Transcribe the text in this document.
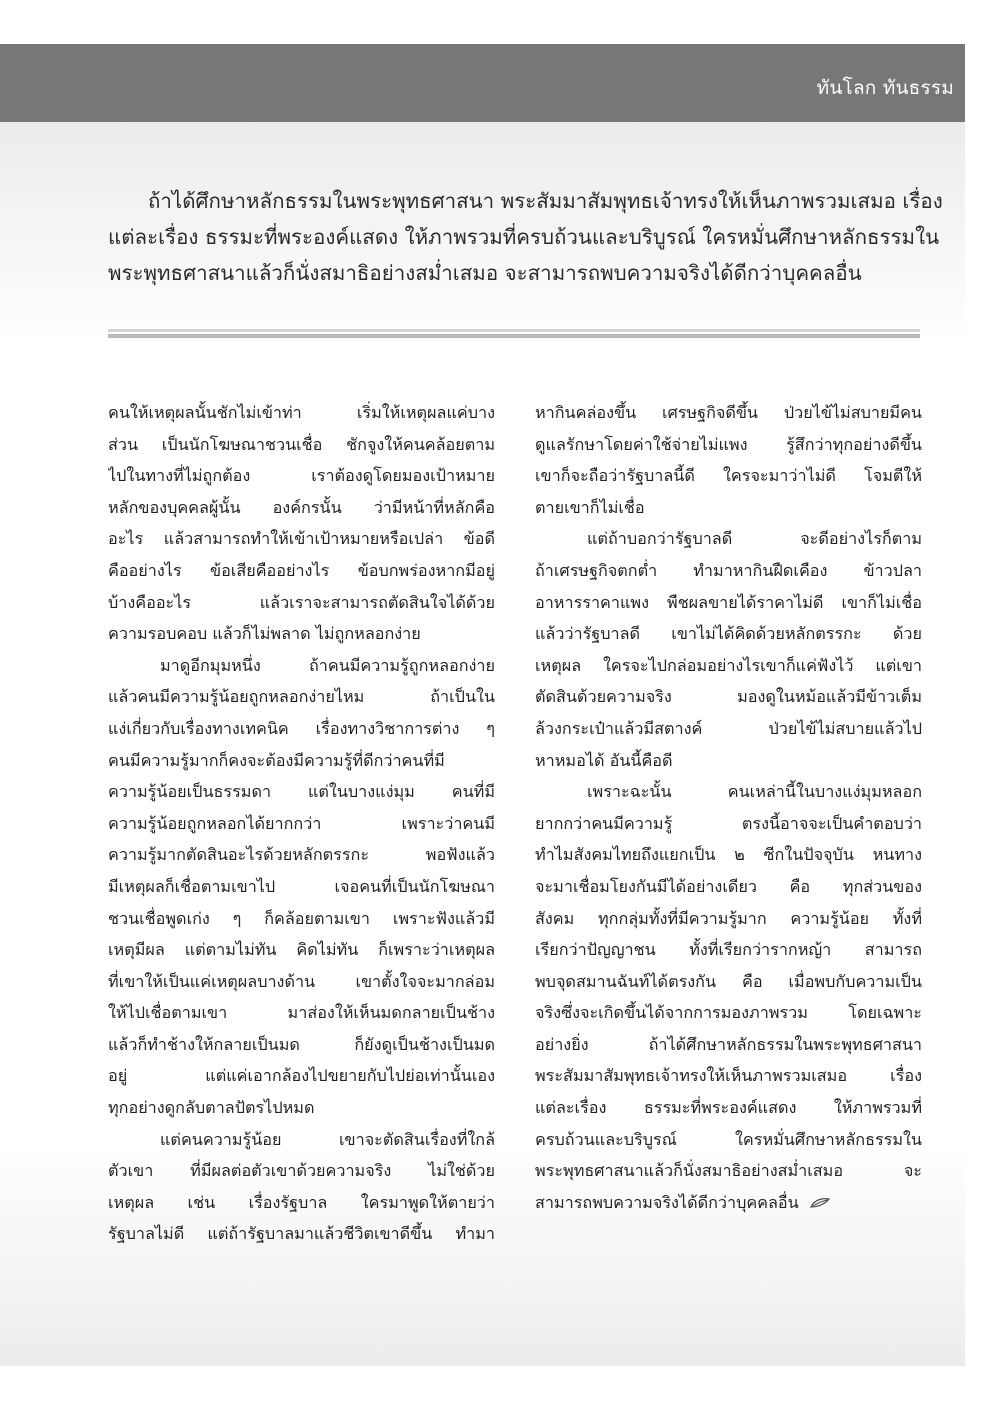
ทันโลก ทันธรรม
ถ้าได้ศึกษาหลักธรรมในพระพุทธศาสนา พระสัมมาสัมพุทธเจ้าทรงให้เห็นภาพรวมเสมอ เรื่อง
แต่ละเรื่อง ธรรมะที่พระองค์แสดง ให้ภาพรวมที่ครบถ้วนและบริบูรณ์ ใครหมั่นศึกษาหลักธรรมใน
พระพุทธศาสนาแล้วก็นั่งสมาธิอย่างสม่ำเสมอ จะสามารถพบความจริงได้ดีกว่าบุคคลอื่น
คนให้เหตุผลนั้นชักไม่เข้าท่า เริ่มให้เหตุผลแค่บาง
ส่วน เป็นนักโฆษณาชวนเชื่อ ชักจูงให้คนคล้อยตาม
ไปในทางที่ไม่ถูกต้อง เราต้องดูโดยมองเป้าหมาย
หลักของบุคคลผู้นั้น องค์กรนั้น ว่ามีหน้าที่หลักคือ
อะไร แล้วสามารถทำให้เข้าเป้าหมายหรือเปล่า ข้อดี
คืออย่างไร ข้อเสียคืออย่างไร ข้อบกพร่องหากมีอยู่
บ้างคืออะไร แล้วเราจะสามารถตัดสินใจได้ด้วย
ความรอบคอบ แล้วก็ไม่พลาด ไม่ถูกหลอกง่าย
มาดูอีกมุมหนึ่ง ถ้าคนมีความรู้ถูกหลอกง่าย
แล้วคนมีความรู้น้อยถูกหลอกง่ายไหม ถ้าเป็นใน
แง่เกี่ยวกับเรื่องทางเทคนิค เรื่องทางวิชาการต่าง ๆ
คนมีความรู้มากก็คงจะต้องมีความรู้ที่ดีกว่าคนที่มี
ความรู้น้อยเป็นธรรมดา แต่ในบางแง่มุม คนที่มี
ความรู้น้อยถูกหลอกได้ยากกว่า เพราะว่าคนมี
ความรู้มากตัดสินอะไรด้วยหลักตรรกะ พอฟังแล้ว
มีเหตุผลก็เชื่อตามเขาไป เจอคนที่เป็นนักโฆษณา
ชวนเชื่อพูดเก่ง ๆ ก็คล้อยตามเขา เพราะฟังแล้วมี
เหตุมีผล แต่ตามไม่ทัน คิดไม่ทัน ก็เพราะว่าเหตุผล
ที่เขาให้เป็นแค่เหตุผลบางด้าน เขาตั้งใจจะมากล่อม
ให้ไปเชื่อตามเขา มาส่องให้เห็นมดกลายเป็นช้าง
แล้วก็ทำช้างให้กลายเป็นมด ก็ยังดูเป็นช้างเป็นมด
อยู่ แต่แค่เอากล้องไปขยายกับไปย่อเท่านั้นเอง
ทุกอย่างดูกลับตาลปัตรไปหมด
แต่คนความรู้น้อย เขาจะตัดสินเรื่องที่ใกล้
ตัวเขา ที่มีผลต่อตัวเขาด้วยความจริง ไม่ใช่ด้วย
เหตุผล เช่น เรื่องรัฐบาล ใครมาพูดให้ตายว่า
รัฐบาลไม่ดี แต่ถ้ารัฐบาลมาแล้วชีวิตเขาดีขึ้น ทำมา
หากินคล่องขึ้น เศรษฐกิจดีขึ้น ป่วยไข้ไม่สบายมีคน
ดูแลรักษาโดยค่าใช้จ่ายไม่แพง รู้สึกว่าทุกอย่างดีขึ้น
เขาก็จะถือว่ารัฐบาลนี้ดี ใครจะมาว่าไม่ดี โจมตีให้
ตายเขาก็ไม่เชื่อ
แต่ถ้าบอกว่ารัฐบาลดี จะดีอย่างไรก็ตาม
ถ้าเศรษฐกิจตกต่ำ ทำมาหากินฝืดเคือง ข้าวปลา
อาหารราคาแพง พืชผลขายได้ราคาไม่ดี เขาก็ไม่เชื่อ
แล้วว่ารัฐบาลดี เขาไม่ได้คิดด้วยหลักตรรกะ ด้วย
เหตุผล ใครจะไปกล่อมอย่างไรเขาก็แค่ฟังไว้ แต่เขา
ตัดสินด้วยความจริง มองดูในหม้อแล้วมีข้าวเต็ม
ล้วงกระเป๋าแล้วมีสตางค์ ป่วยไข้ไม่สบายแล้วไป
หาหมอได้ อันนี้คือดี
เพราะฉะนั้น คนเหล่านี้ในบางแง่มุมหลอก
ยากกว่าคนมีความรู้ ตรงนี้อาจจะเป็นคำตอบว่า
ทำไมสังคมไทยถึงแยกเป็น ๒ ซีกในปัจจุบัน หนทาง
จะมาเชื่อมโยงกันมีได้อย่างเดียว คือ ทุกส่วนของ
สังคม ทุกกลุ่มทั้งที่มีความรู้มาก ความรู้น้อย ทั้งที่
เรียกว่าปัญญาชน ทั้งที่เรียกว่ารากหญ้า สามารถ
พบจุดสมานฉันท์ได้ตรงกัน คือ เมื่อพบกับความเป็น
จริงซึ่งจะเกิดขึ้นได้จากการมองภาพรวม โดยเฉพาะ
อย่างยิ่ง ถ้าได้ศึกษาหลักธรรมในพระพุทธศาสนา
พระสัมมาสัมพุทธเจ้าทรงให้เห็นภาพรวมเสมอ เรื่อง
แต่ละเรื่อง ธรรมะที่พระองค์แสดง ให้ภาพรวมที่
ครบถ้วนและบริบูรณ์ ใครหมั่นศึกษาหลักธรรมใน
พระพุทธศาสนาแล้วก็นั่งสมาธิอย่างสม่ำเสมอ จะ
สามารถพบความจริงได้ดีกว่าบุคคลอื่น
